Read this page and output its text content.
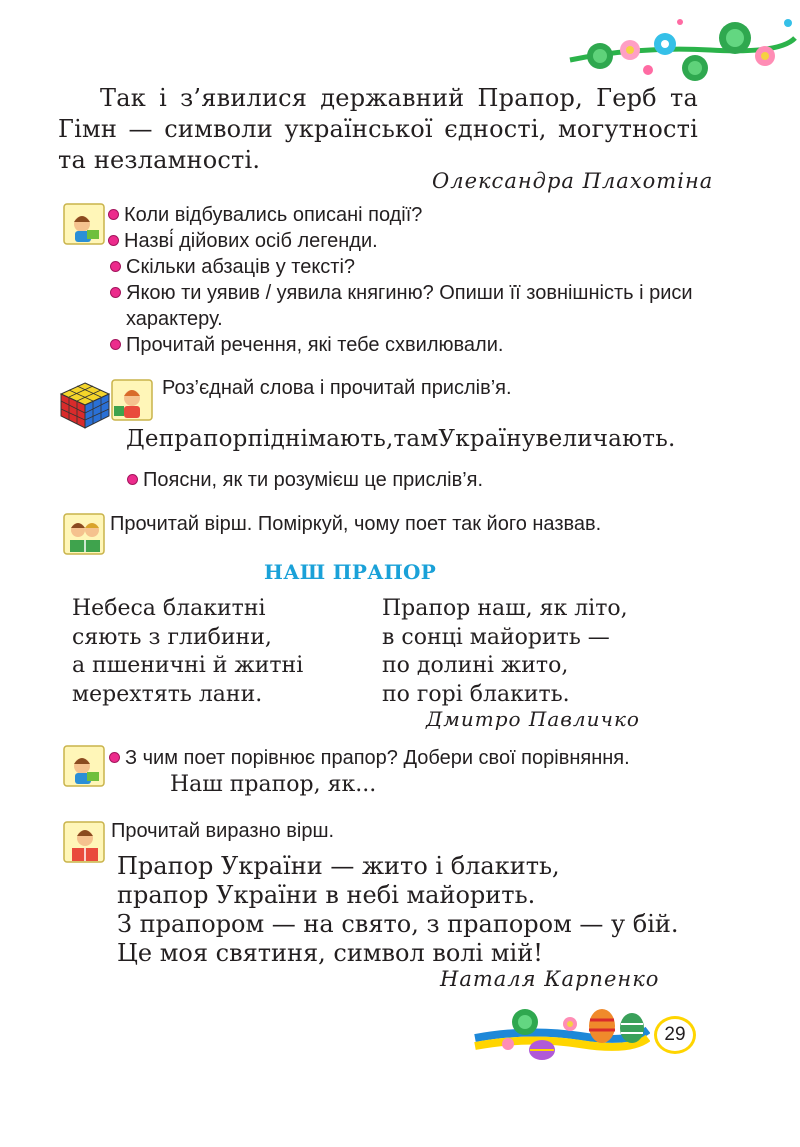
Так і з’явилися державний Прапор, Герб та Гімн — символи української єдності, могутності та незламності.
Олександра Плахотіна
Коли відбувались описані події?
Назві́ дійових осіб легенди.
Скільки абзаців у тексті?
Якою ти уявив / уявила княгиню? Опиши її зовнішність і риси характеру.
Прочитай речення, які тебе схвилювали.
Роз’єднай слова і прочитай прислів’я.
Депрапорпіднімають,тамУкраїнувеличають.
Поясни, як ти розумієш це прислів’я.
Прочитай вірш. Поміркуй, чому поет так його назвав.
НАШ ПРАПОР
Небеса блакитні
сяють з глибини,
а пшеничні й житні
мерехтять лани.
Прапор наш, як літо,
в сонці майорить —
по долині жито,
по горі блакить.
Дмитро Павличко
З чим поет порівнює прапор? Добери свої порівняння.
Наш прапор, як...
Прочитай виразно вірш.
Прапор України — жито і блакить,
прапор України в небі майорить.
З прапором — на свято, з прапором — у бій.
Це моя святиня, символ волі мій!
Наталя Карпенко
29
